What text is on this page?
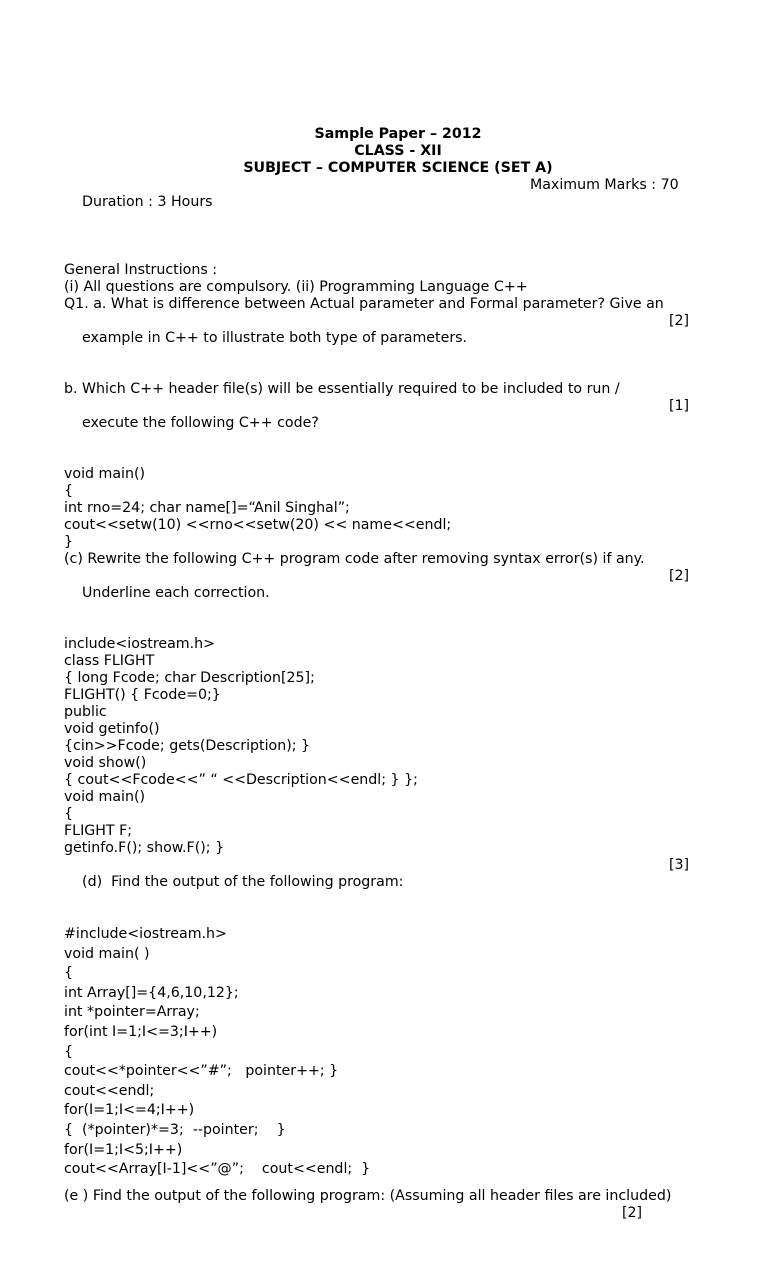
Sample Paper – 2012
CLASS - XII
SUBJECT – COMPUTER SCIENCE (SET A)

Duration : 3 Hours

Maximum Marks : 70

General Instructions :
(i) All questions are compulsory. (ii) Programming Language C++
Q1. a. What is difference between Actual parameter and Formal parameter? Give an

example in C++ to illustrate both type of parameters.

[2]

b. Which C++ header file(s) will be essentially required to be included to run /

execute the following C++ code?

[1]

void main()
{
int rno=24; char name[]=“Anil Singhal”;
cout<<setw(10) <<rno<<setw(20) << name<<endl;
}
(c) Rewrite the following C++ program code after removing syntax error(s) if any.

Underline each correction.

[2]

include<iostream.h>
class FLIGHT
{ long Fcode; char Description[25];
FLIGHT() { Fcode=0;}
public
void getinfo()
{cin>>Fcode; gets(Description); }
void show()
{ cout<<Fcode<<” “ <<Description<<endl; } };
void main()
{
FLIGHT F;
getinfo.F(); show.F(); }

(d)  Find the output of the following program:

[3]

#include<iostream.h>
void main( )
{
int Array[]={4,6,10,12};
int *pointer=Array;
for(int I=1;I<=3;I++)
{
cout<<*pointer<<”#”;   pointer++; }
cout<<endl;
for(I=1;I<=4;I++)
{  (*pointer)*=3;  --pointer;    }
for(I=1;I<5;I++)
cout<<Array[I-1]<<”@”;    cout<<endl;  }
(e ) Find the output of the following program: (Assuming all header files are included)

[2]
